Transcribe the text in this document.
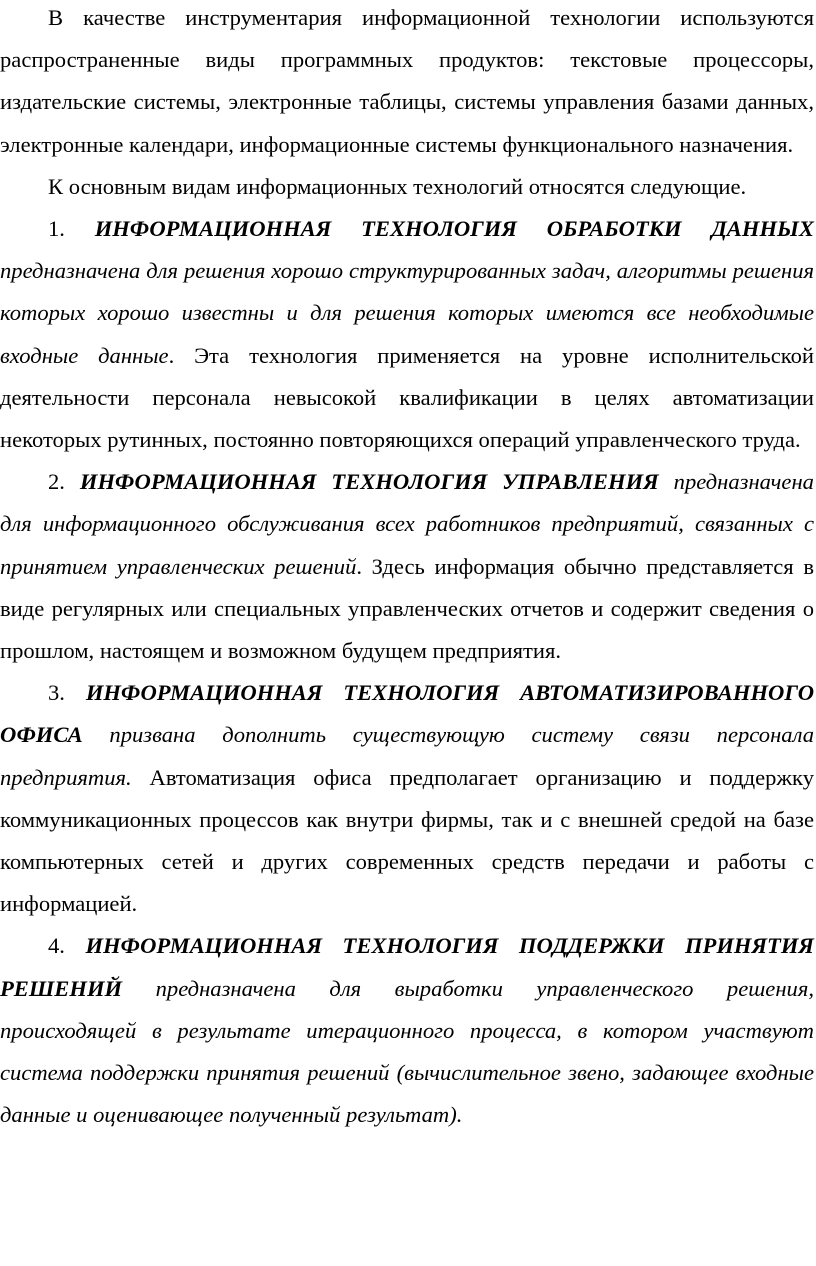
В качестве инструментария информационной технологии используются распространенные виды программных продуктов: текстовые процессоры, издательские системы, электронные таблицы, системы управления базами данных, электронные календари, информационные системы функционального назначения.

К основным видам информационных технологий относятся следующие.

1. ИНФОРМАЦИОННАЯ ТЕХНОЛОГИЯ ОБРАБОТКИ ДАННЫХ предназначена для решения хорошо структурированных задач, алгоритмы решения которых хорошо известны и для решения которых имеются все необходимые входные данные. Эта технология применяется на уровне исполнительской деятельности персонала невысокой квалификации в целях автоматизации некоторых рутинных, постоянно повторяющихся операций управленческого труда.

2. ИНФОРМАЦИОННАЯ ТЕХНОЛОГИЯ УПРАВЛЕНИЯ предназначена для информационного обслуживания всех работников предприятий, связанных с принятием управленческих решений. Здесь информация обычно представляется в виде регулярных или специальных управленческих отчетов и содержит сведения о прошлом, настоящем и возможном будущем предприятия.

3. ИНФОРМАЦИОННАЯ ТЕХНОЛОГИЯ АВТОМАТИЗИРОВАННОГО ОФИСА призвана дополнить существующую систему связи персонала предприятия. Автоматизация офиса предполагает организацию и поддержку коммуникационных процессов как внутри фирмы, так и с внешней средой на базе компьютерных сетей и других современных средств передачи и работы с информацией.

4. ИНФОРМАЦИОННАЯ ТЕХНОЛОГИЯ ПОДДЕРЖКИ ПРИНЯТИЯ РЕШЕНИЙ предназначена для выработки управленческого решения, происходящей в результате итерационного процесса, в котором участвуют система поддержки принятия решений (вычислительное звено, задающее входные данные и оценивающее полученный результат).
